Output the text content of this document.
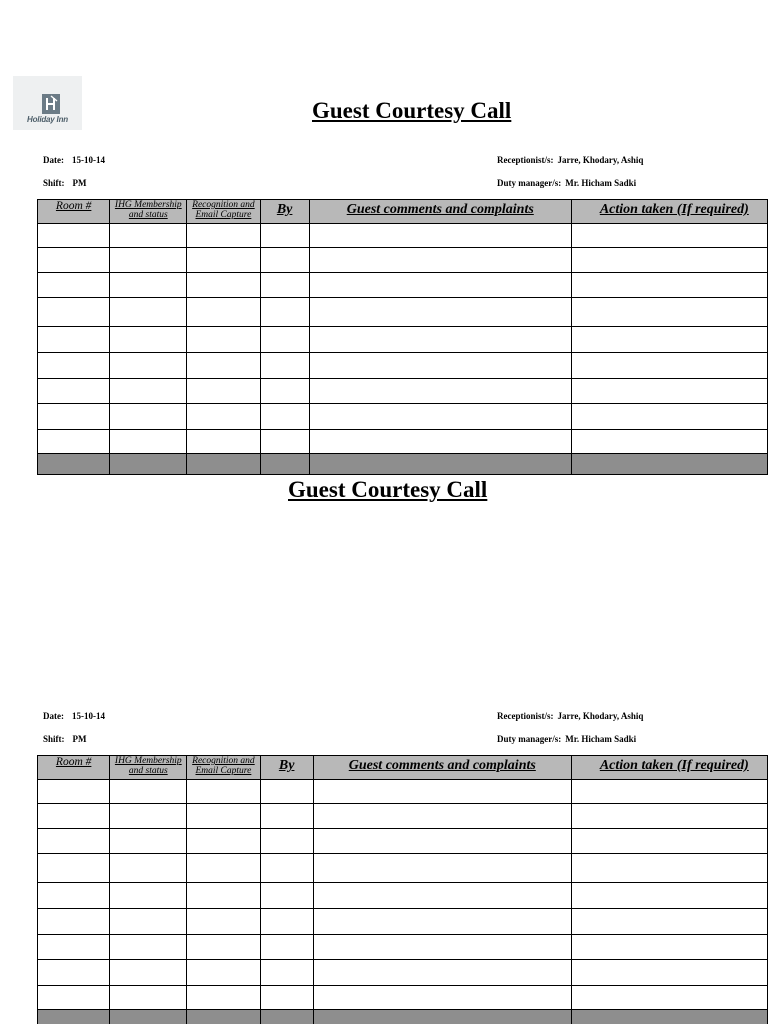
Holiday Inn	Guest Courtesy Call
Date: 15-10-14
Shift: PM
Receptionist/s: Jarre, Khodary, Ashiq
Duty manager/s: Mr. Hicham Sadki
Room #	IHG Membership and status	Recognition and Email Capture	By	Guest comments and complaints	Action taken (If required)

Guest Courtesy Call
Date: 15-10-14
Shift: PM
Receptionist/s: Jarre, Khodary, Ashiq
Duty manager/s: Mr. Hicham Sadki
Room #	IHG Membership and status	Recognition and Email Capture	By	Guest comments and complaints	Action taken (If required)
